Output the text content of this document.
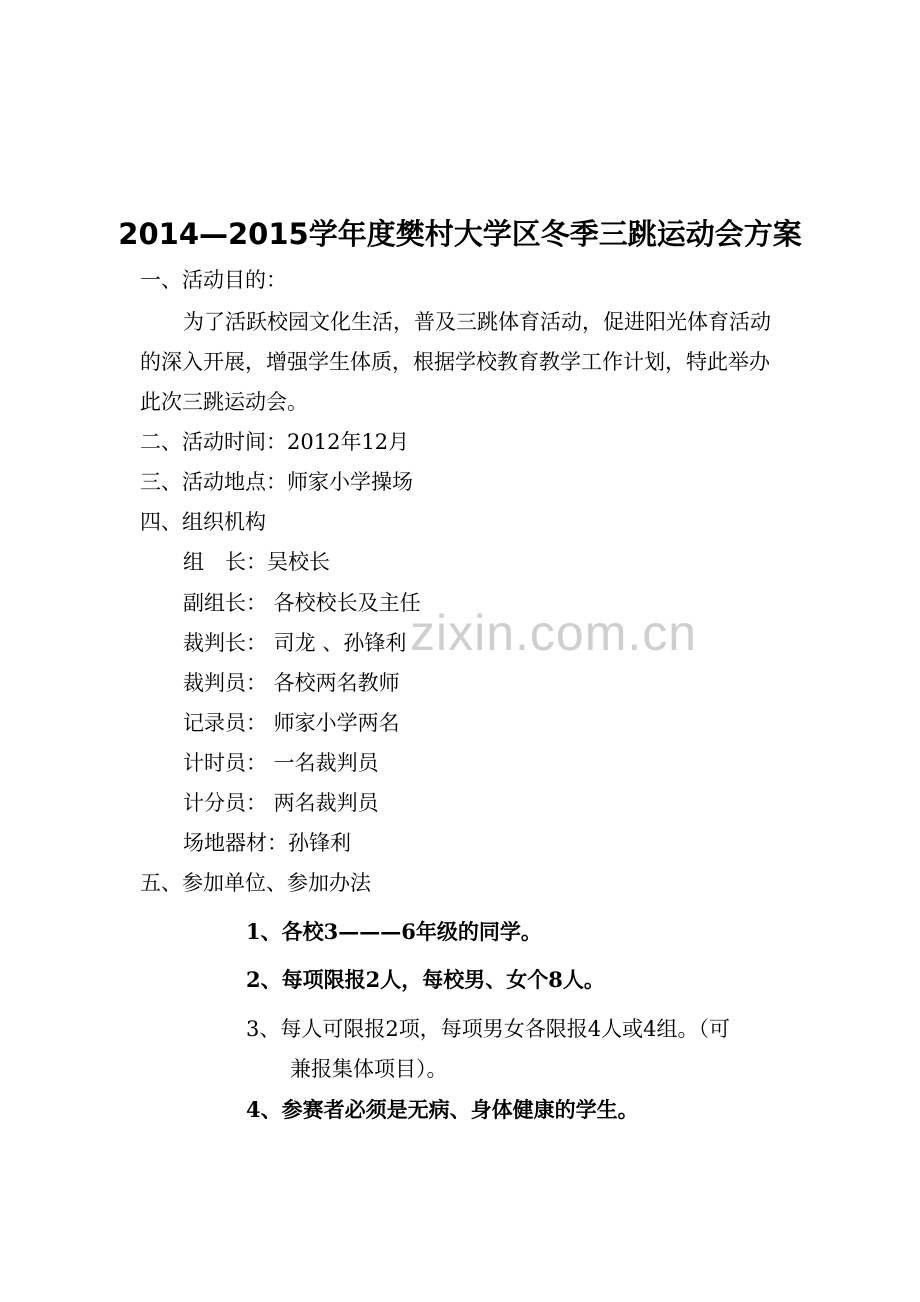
2014—2015学年度樊村大学区冬季三跳运动会方案
一、活动目的：
为了活跃校园文化生活，普及三跳体育活动，促进阳光体育活动
的深入开展，增强学生体质，根据学校教育教学工作计划，特此举办
此次三跳运动会。
二、活动时间：2012年12月
三、活动地点：师家小学操场
四、组织机构
组　长：吴校长
副组长： 各校校长及主任
裁判长： 司龙 、孙锋利
裁判员： 各校两名教师
记录员： 师家小学两名
计时员： 一名裁判员
计分员： 两名裁判员
场地器材：孙锋利
五、参加单位、参加办法
1、各校3———6年级的同学。
2、每项限报2人，每校男、女个8人。
3、每人可限报2项，每项男女各限报4人或4组。（可
兼报集体项目）。
4、参赛者必须是无病、身体健康的学生。
zixin.com.cn
